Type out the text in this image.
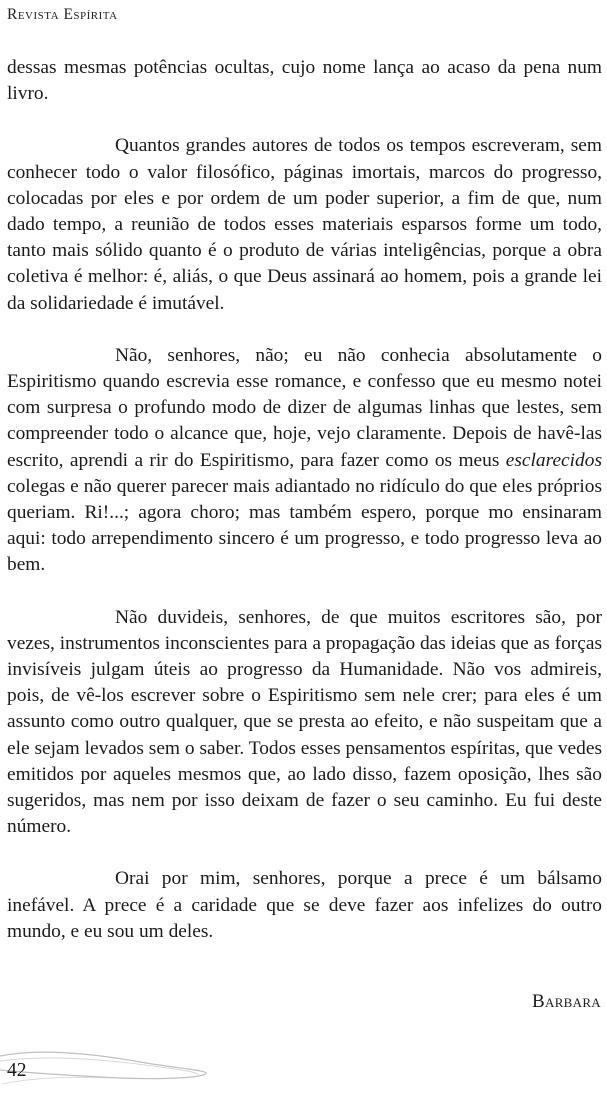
Revista Espírita

dessas mesmas potências ocultas, cujo nome lança ao acaso da pena num livro.

Quantos grandes autores de todos os tempos escreveram, sem conhecer todo o valor filosófico, páginas imortais, marcos do progresso, colocadas por eles e por ordem de um poder superior, a fim de que, num dado tempo, a reunião de todos esses materiais esparsos forme um todo, tanto mais sólido quanto é o produto de várias inteligências, porque a obra coletiva é melhor: é, aliás, o que Deus assinará ao homem, pois a grande lei da solidariedade é imutável.

Não, senhores, não; eu não conhecia absolutamente o Espiritismo quando escrevia esse romance, e confesso que eu mesmo notei com surpresa o profundo modo de dizer de algumas linhas que lestes, sem compreender todo o alcance que, hoje, vejo claramente. Depois de havê-las escrito, aprendi a rir do Espiritismo, para fazer como os meus esclarecidos colegas e não querer parecer mais adiantado no ridículo do que eles próprios queriam. Ri!...; agora choro; mas também espero, porque mo ensinaram aqui: todo arrependimento sincero é um progresso, e todo progresso leva ao bem.

Não duvideis, senhores, de que muitos escritores são, por vezes, instrumentos inconscientes para a propagação das ideias que as forças invisíveis julgam úteis ao progresso da Humanidade. Não vos admireis, pois, de vê-los escrever sobre o Espiritismo sem nele crer; para eles é um assunto como outro qualquer, que se presta ao efeito, e não suspeitam que a ele sejam levados sem o saber. Todos esses pensamentos espíritas, que vedes emitidos por aqueles mesmos que, ao lado disso, fazem oposição, lhes são sugeridos, mas nem por isso deixam de fazer o seu caminho. Eu fui deste número.

Orai por mim, senhores, porque a prece é um bálsamo inefável. A prece é a caridade que se deve fazer aos infelizes do outro mundo, e eu sou um deles.

Barbara
42
